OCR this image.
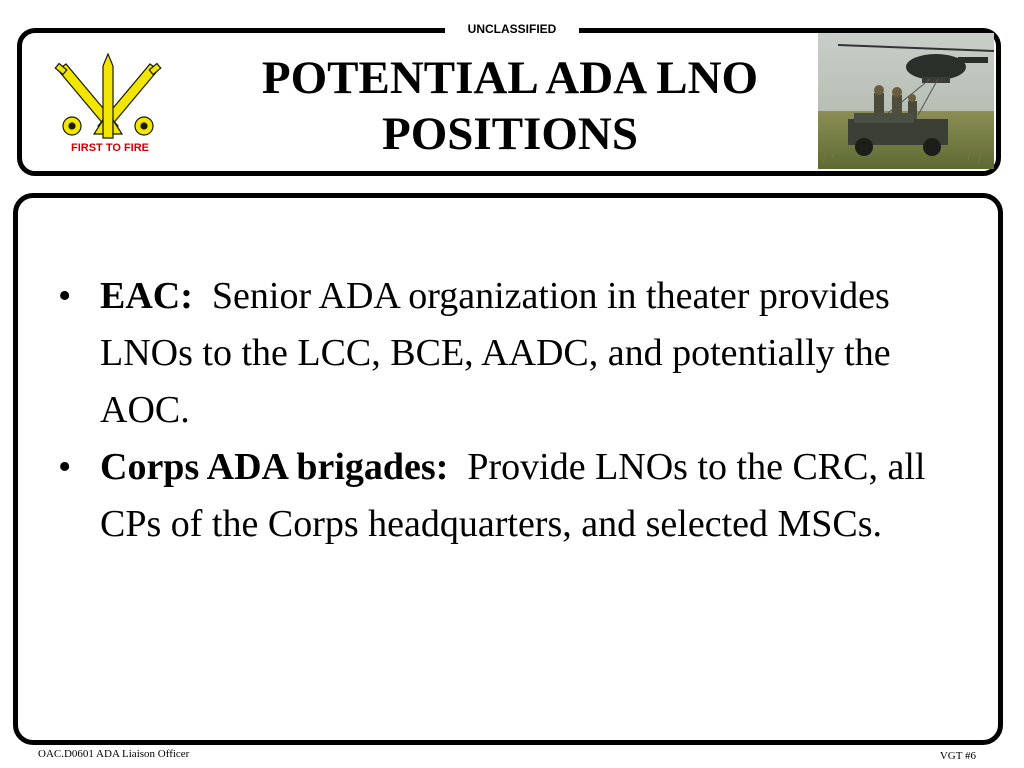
UNCLASSIFIED
FIRST TO FIRE
POTENTIAL ADA LNO
POSITIONS
• EAC: Senior ADA organization in theater provides LNOs to the LCC, BCE, AADC, and potentially the AOC.
• Corps ADA brigades: Provide LNOs to the CRC, all CPs of the Corps headquarters, and selected MSCs.
OAC.D0601 ADA Liaison Officer	VGT #6
